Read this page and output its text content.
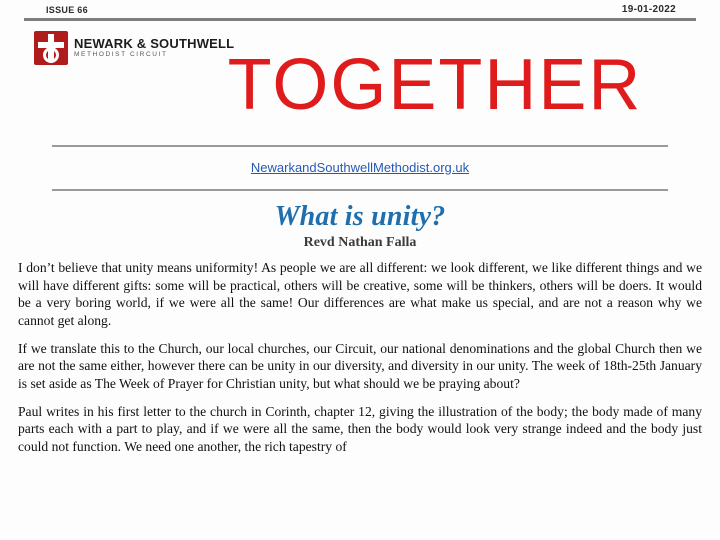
ISSUE 66	19-01-2022
NEWARK & SOUTHWELL
METHODIST CIRCUIT TOGETHER
NewarkandSouthwellMethodist.org.uk
What is unity?
Revd Nathan Falla

I don’t believe that unity means uniformity! As people we are all different: we look different, we like different things and we will have different gifts: some will be practical, others will be creative, some will be thinkers, others will be doers. It would be a very boring world, if we were all the same! Our differences are what make us special, and are not a reason why we cannot get along.

If we translate this to the Church, our local churches, our Circuit, our national denominations and the global Church then we are not the same either, however there can be unity in our diversity, and diversity in our unity. The week of 18th-25th January is set aside as The Week of Prayer for Christian unity, but what should we be praying about?

Paul writes in his first letter to the church in Corinth, chapter 12, giving the illustration of the body; the body made of many parts each with a part to play, and if we were all the same, then the body would look very strange indeed and the body just could not function. We need one another, the rich tapestry of
